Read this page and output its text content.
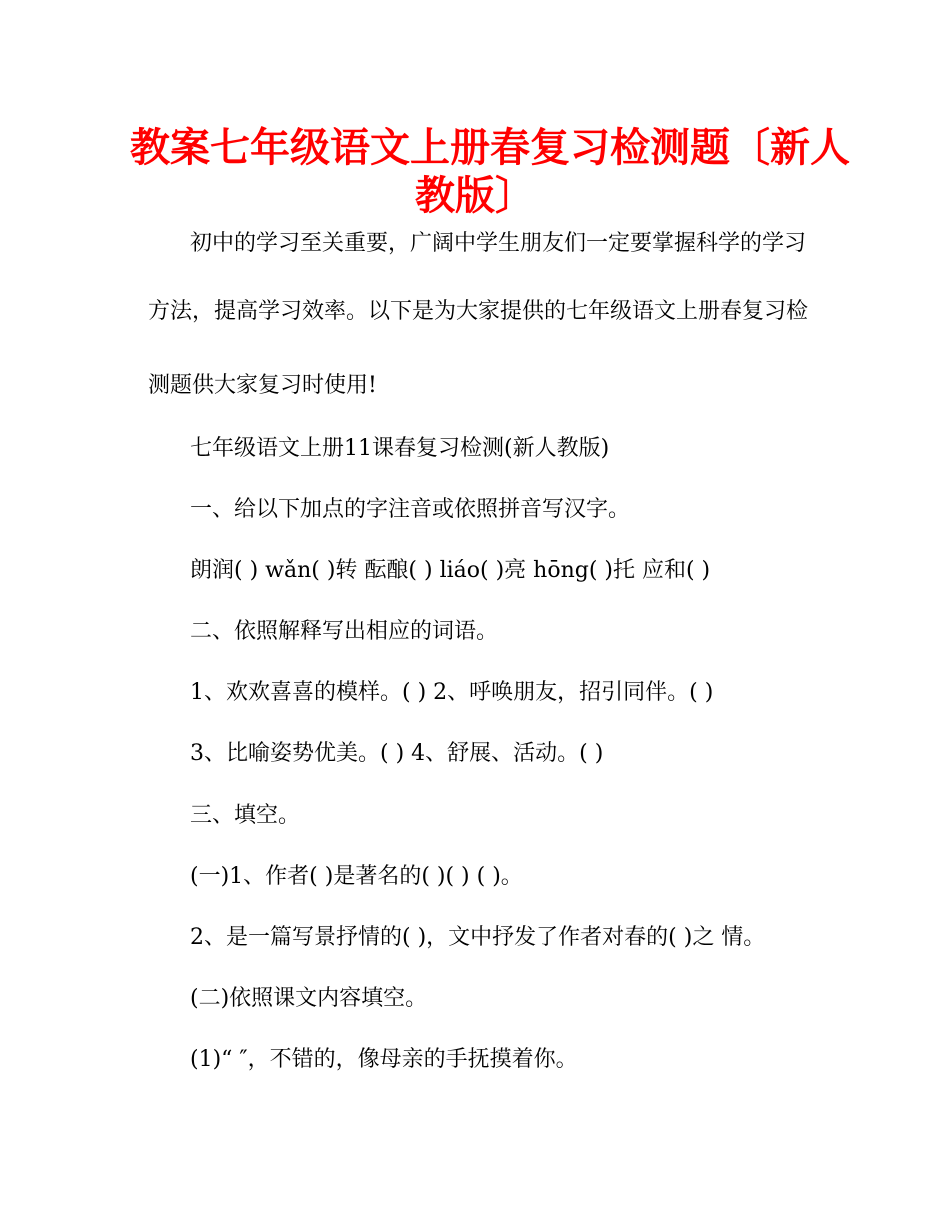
教案七年级语文上册春复习检测题〔新人
教版〕
初中的学习至关重要，广阔中学生朋友们一定要掌握科学的学习
方法，提高学习效率。以下是为大家提供的七年级语文上册春复习检
测题供大家复习时使用!
七年级语文上册11课春复习检测(新人教版)
一、给以下加点的字注音或依照拼音写汉字。
朗润( ) wǎn( )转 酝酿( ) liáo( )亮 hōng( )托 应和( )
二、依照解释写出相应的词语。
1、欢欢喜喜的模样。( ) 2、呼唤朋友，招引同伴。( )
3、比喻姿势优美。( ) 4、舒展、活动。( )
三、填空。
(一)1、作者( )是著名的( )( ) ( )。
2、是一篇写景抒情的( )，文中抒发了作者对春的( )之 情。
(二)依照课文内容填空。
(1)“ ″，不错的，像母亲的手抚摸着你。
